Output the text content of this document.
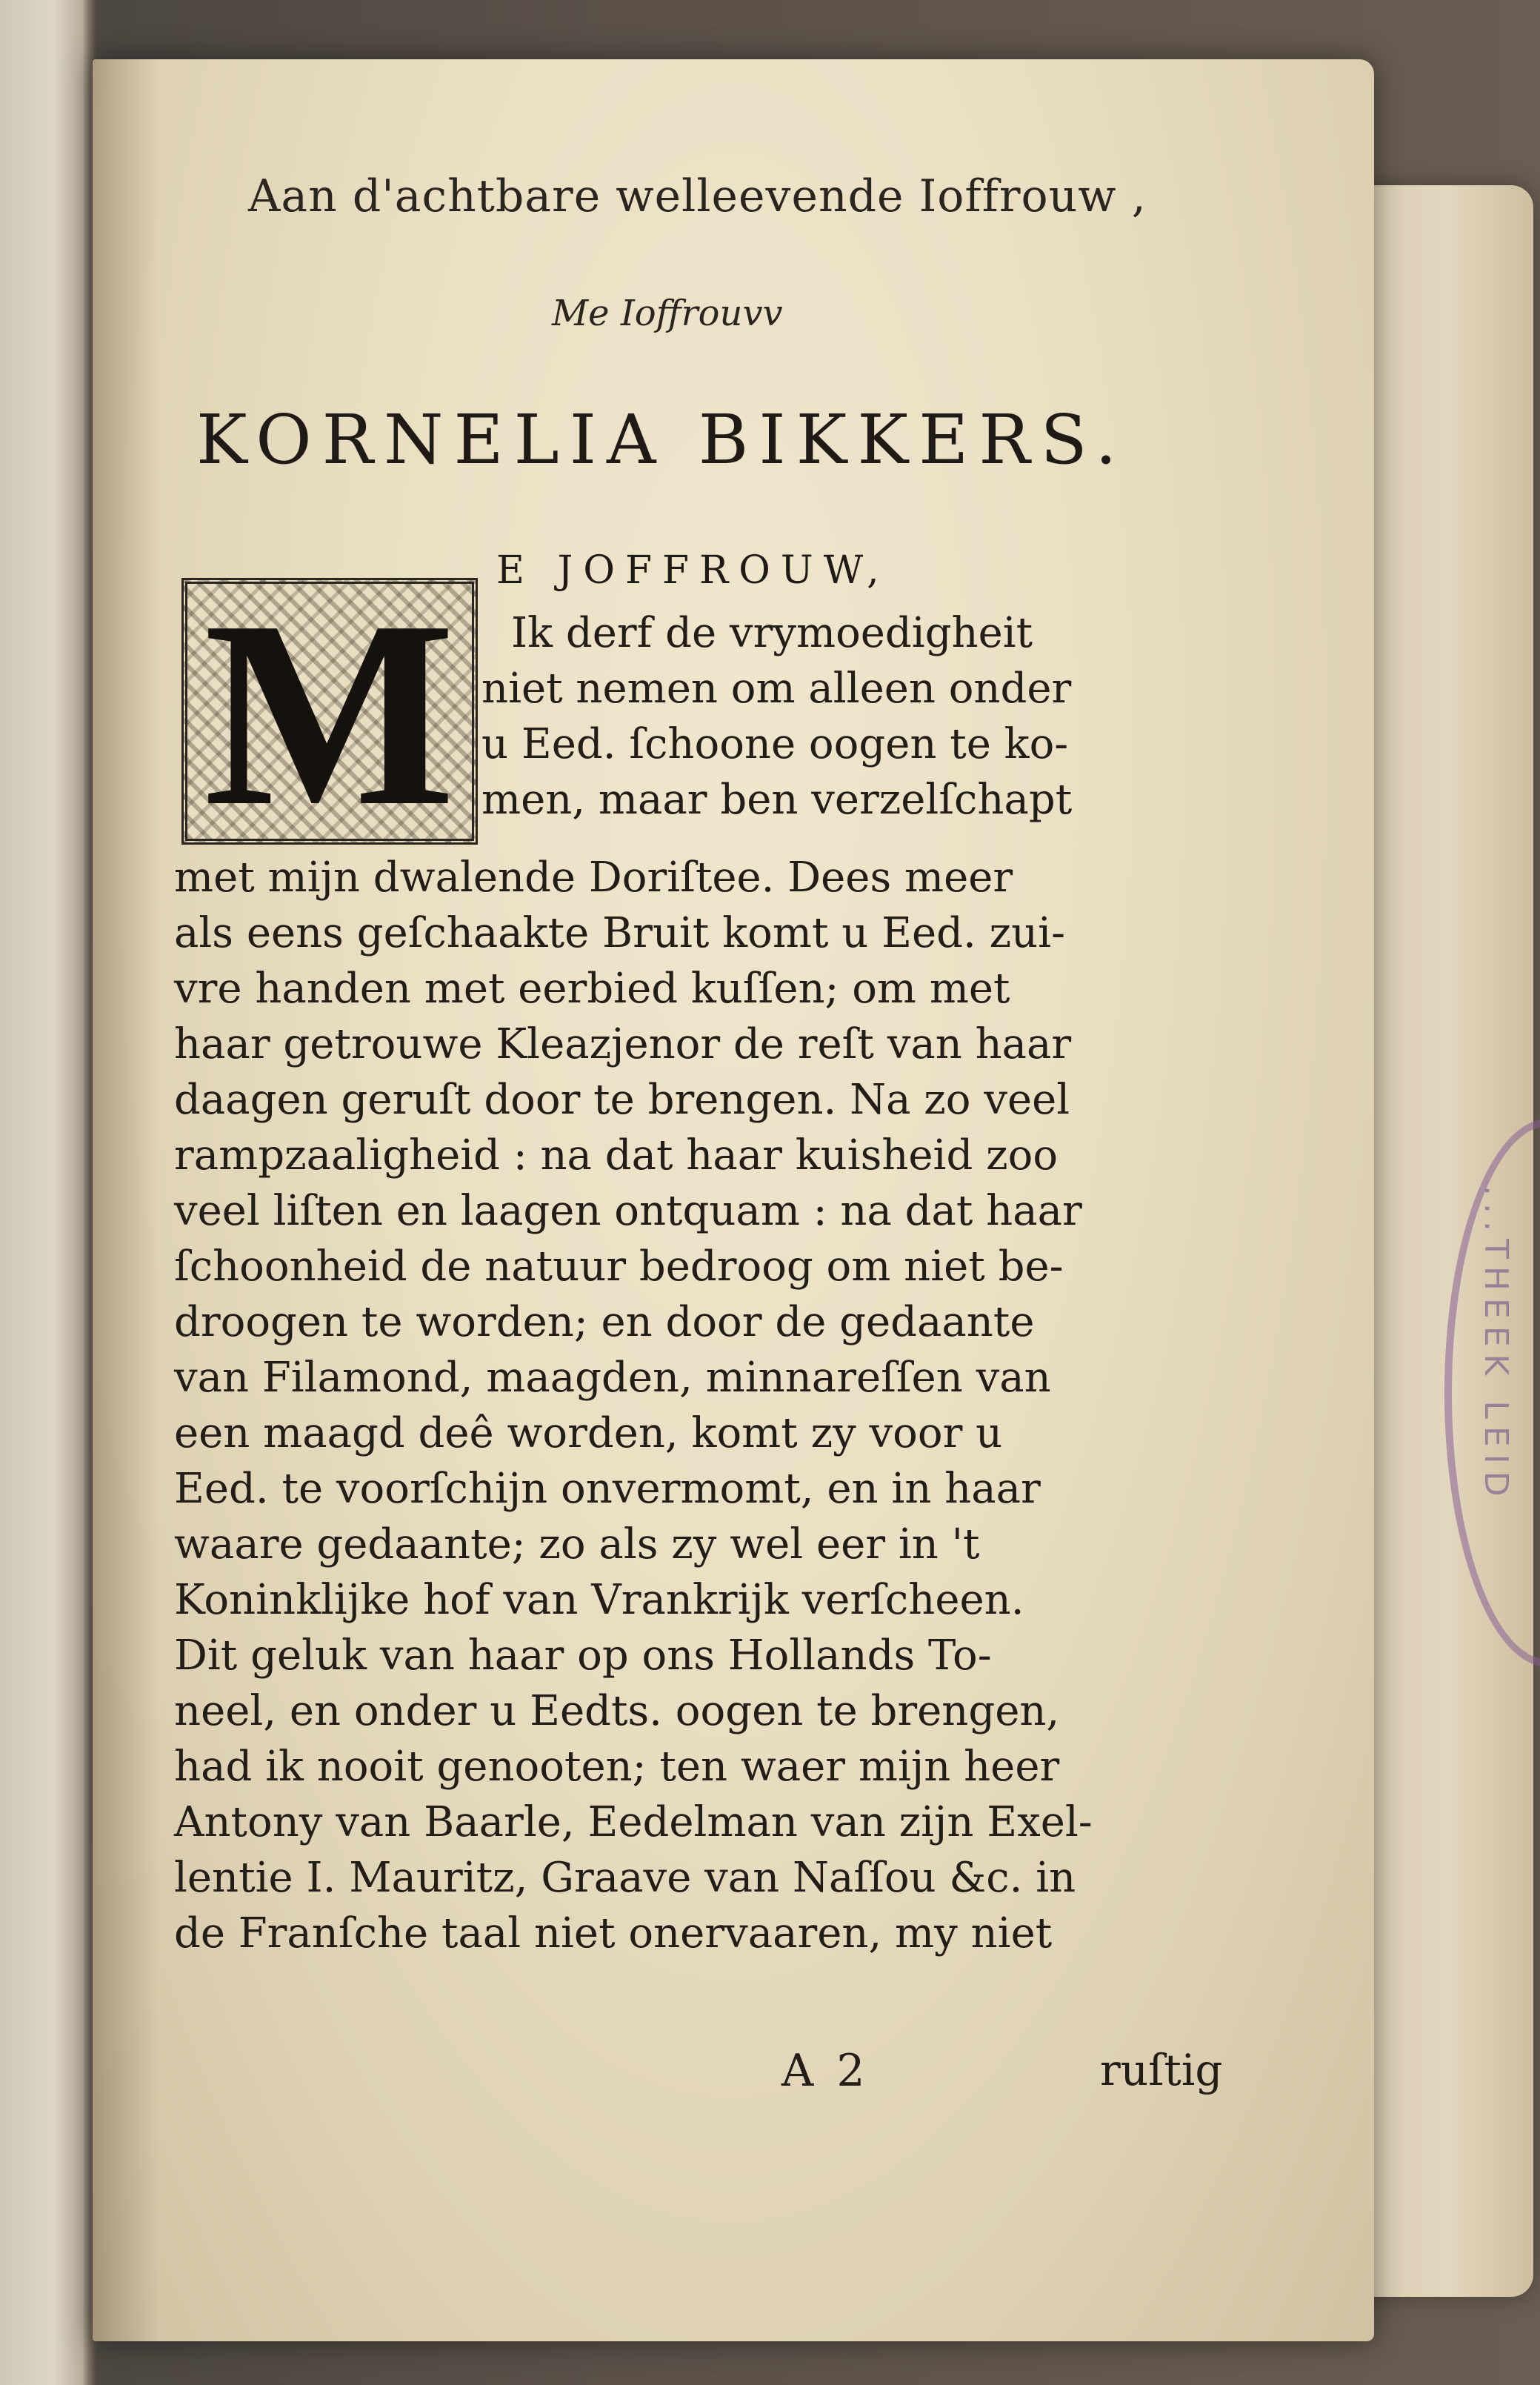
...THEEK LEID
Aan d'achtbare welleevende Ioffrouw ,
Me Ioffrouvv
KORNELIA BIKKERS.
E JOFFROUW,
M	Ik derf de vrymoedigheit
niet nemen om alleen onder
u Eed. ſchoone oogen te ko-
men, maar ben verzelſchapt
met mijn dwalende Doriſtee. Dees meer
als eens geſchaakte Bruit komt u Eed. zui-
vre handen met eerbied kuſſen; om met
haar getrouwe Kleazjenor de reſt van haar
daagen geruſt door te brengen. Na zo veel
rampzaaligheid : na dat haar kuisheid zoo
veel liſten en laagen ontquam : na dat haar
ſchoonheid de natuur bedroog om niet be-
droogen te worden; en door de gedaante
van Filamond, maagden, minnareſſen van
een maagd deê worden, komt zy voor u
Eed. te voorſchijn onvermomt, en in haar
waare gedaante; zo als zy wel eer in 't
Koninklijke hof van Vrankrijk verſcheen.
Dit geluk van haar op ons Hollands To-
neel, en onder u Eedts. oogen te brengen,
had ik nooit genooten; ten waer mijn heer
Antony van Baarle, Eedelman van zijn Exel-
lentie I. Mauritz, Graave van Naſſou &c. in
de Franſche taal niet onervaaren, my niet
A 2	ruſtig
